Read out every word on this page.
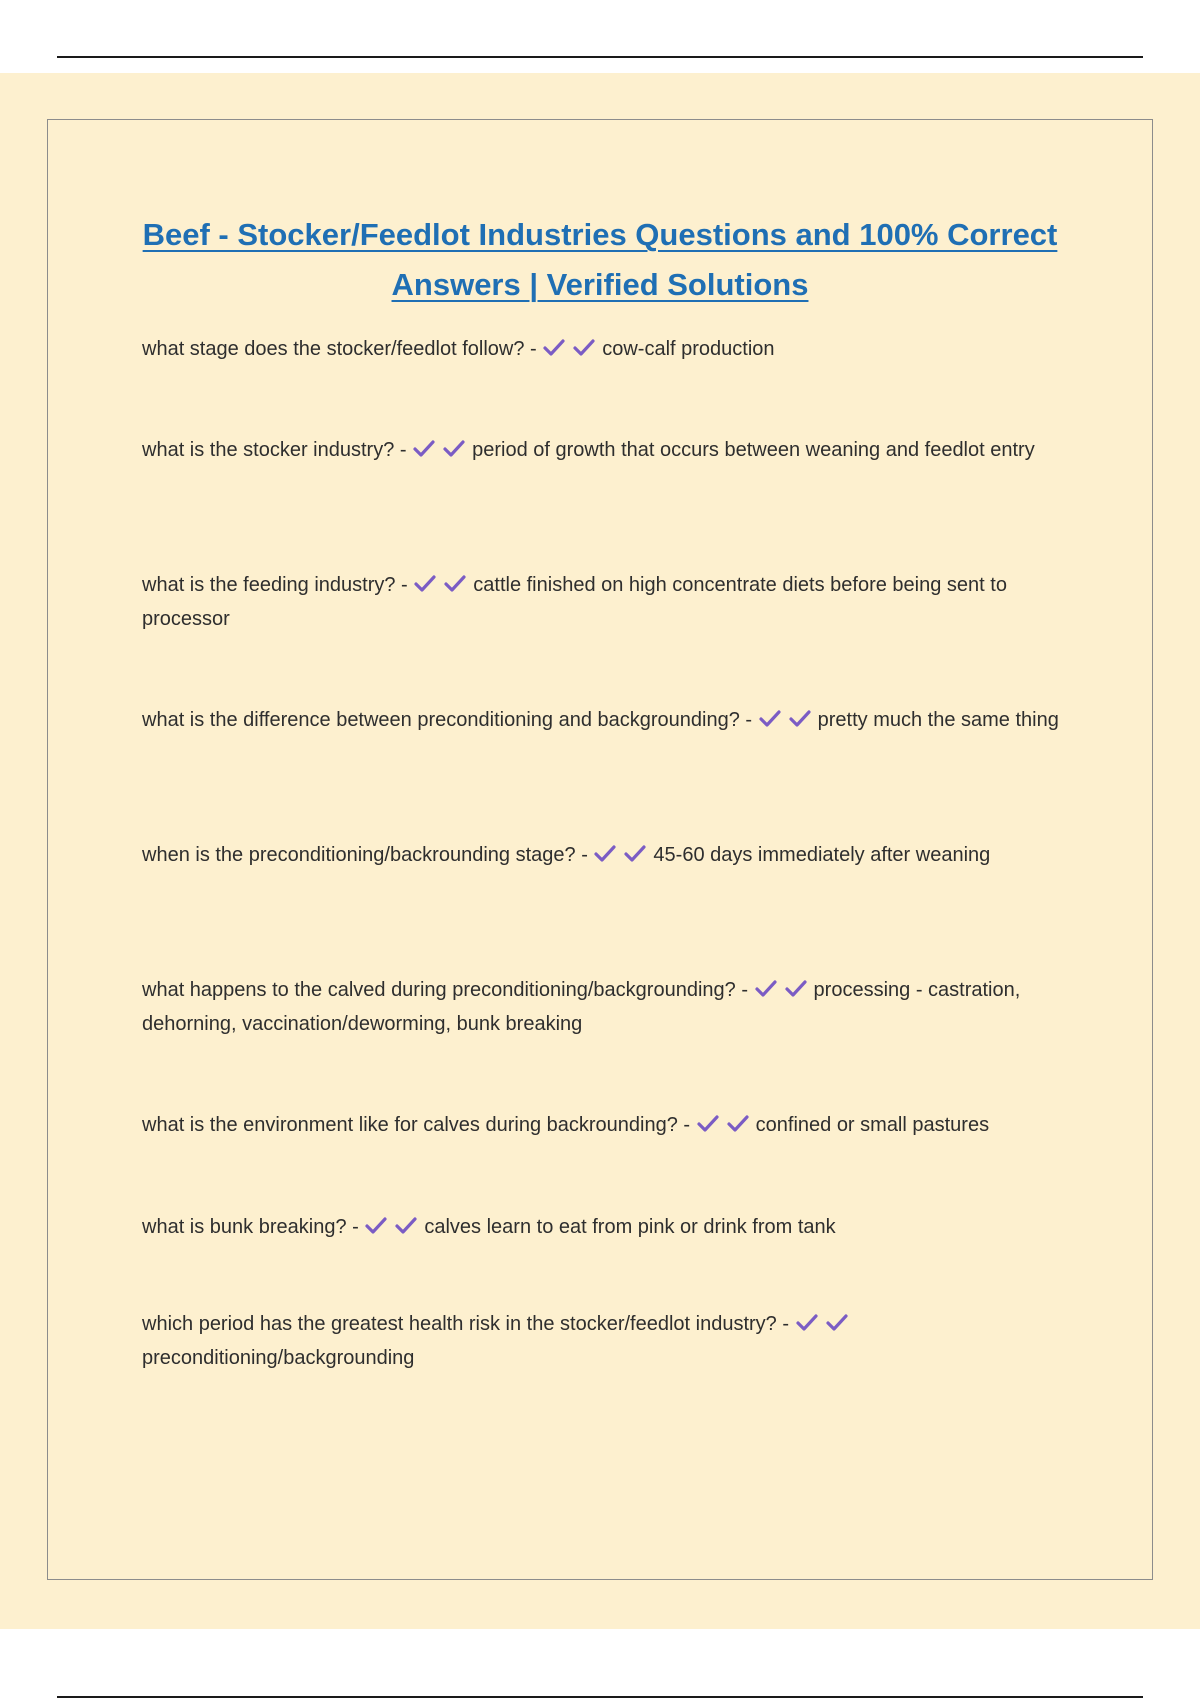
Beef - Stocker/Feedlot Industries Questions and 100% Correct Answers | Verified Solutions

what stage does the stocker/feedlot follow? -	cow-calf production

what is the stocker industry? -	period of growth that occurs between weaning and feedlot entry

what is the feeding industry? -	cattle finished on high concentrate diets before being sent to processor

what is the difference between preconditioning and backgrounding? -	pretty much the same thing

when is the preconditioning/backrounding stage? -	45-60 days immediately after weaning

what happens to the calved during preconditioning/backgrounding? -	processing - castration, dehorning, vaccination/deworming, bunk breaking

what is the environment like for calves during backrounding? -	confined or small pastures

what is bunk breaking? -	calves learn to eat from pink or drink from tank

which period has the greatest health risk in the stocker/feedlot industry? -
preconditioning/backgrounding
